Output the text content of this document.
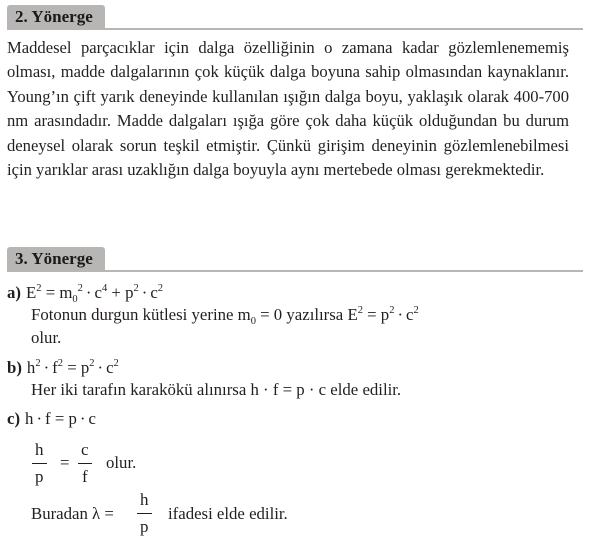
2. Yönerge
Maddesel parçacıklar için dalga özelliğinin o zamana kadar gözlemlenememiş olması, madde dalgalarının çok küçük dalga boyuna sahip olmasından kaynaklanır. Young’ın çift yarık deneyinde kullanılan ışığın dalga boyu, yaklaşık olarak 400-700 nm arasındadır. Madde dalgaları ışığa göre çok daha küçük olduğundan bu durum deneysel olarak sorun teşkil etmiştir. Çünkü girişim deneyinin gözlemlenebilmesi için yarıklar arası uzaklığın dalga boyuyla aynı mertebede olması gerekmektedir.
3. Yönerge
a) $E^2 = m_0^2 \cdot c^4 + p^2 \cdot c^2$
Fotonun durgun kütlesi yerine $m_0 = 0$ yazılırsa $E^2 = p^2 \cdot c^2$
olur.
b) $h^2 \cdot f^2 = p^2 \cdot c^2$
Her iki tarafın karakökü alınırsa h · f = p · c elde edilir.
c) h · f = p · c
h
p
=
c
f
olur.
Buradan λ =
h
p
ifadesi elde edilir.
